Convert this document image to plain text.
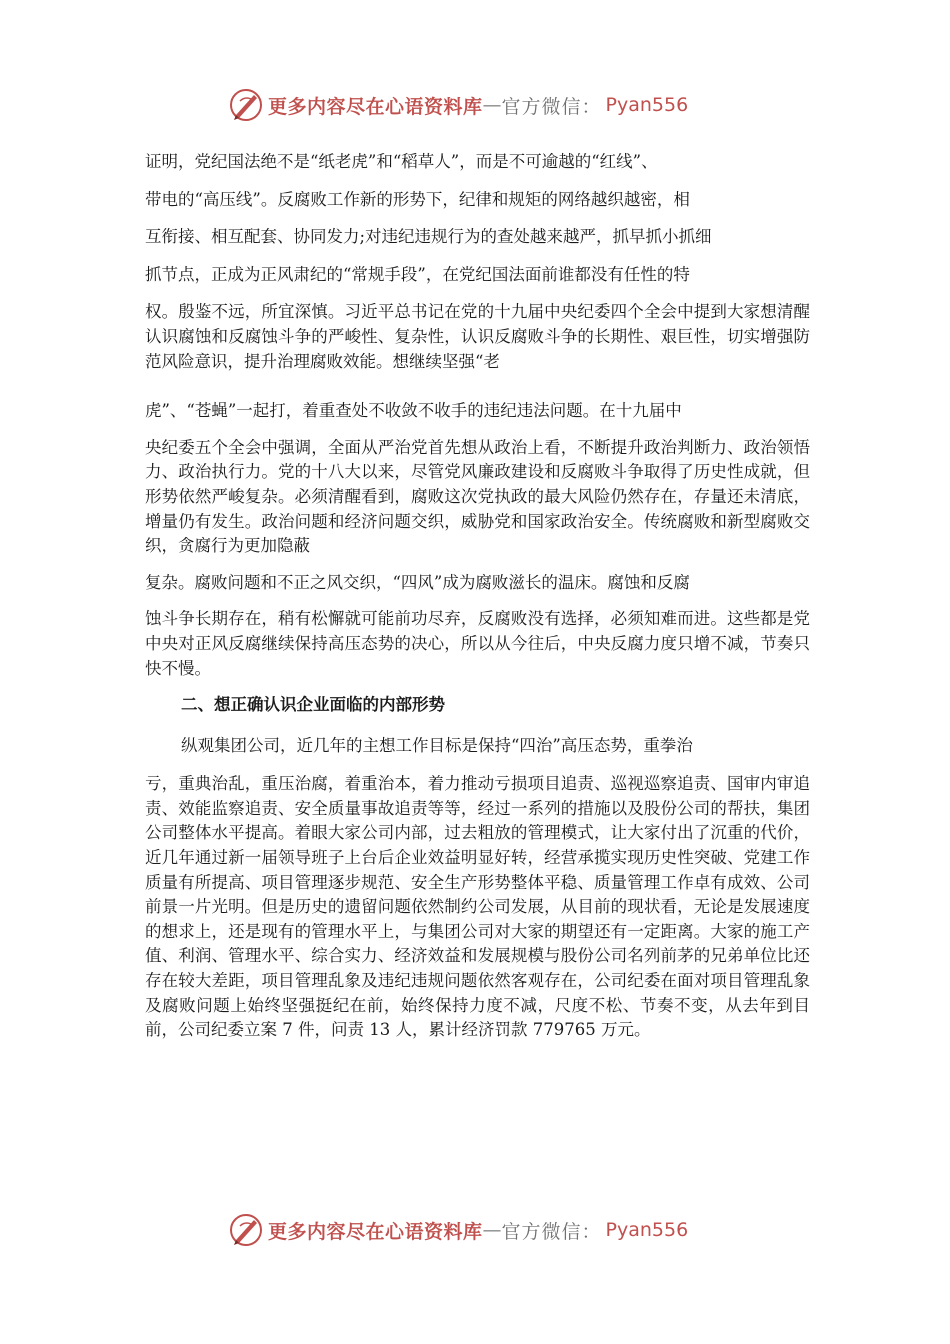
更多内容尽在心语资料库 — 官方微信： Pyan556

证明，党纪国法绝不是“纸老虎”和“稻草人”，而是不可逾越的“红线”、

带电的“高压线”。反腐败工作新的形势下，纪律和规矩的网络越织越密，相

互衔接、相互配套、协同发力;对违纪违规行为的查处越来越严，抓早抓小抓细

抓节点，正成为正风肃纪的“常规手段”，在党纪国法面前谁都没有任性的特

权。殷鉴不远，所宜深慎。习近平总书记在党的十九届中央纪委四个全会中提到大家想清醒认识腐蚀和反腐蚀斗争的严峻性、复杂性，认识反腐败斗争的长期性、艰巨性，切实增强防范风险意识，提升治理腐败效能。想继续坚强“老

虎”、“苍蝇”一起打，着重查处不收敛不收手的违纪违法问题。在十九届中

央纪委五个全会中强调，全面从严治党首先想从政治上看，不断提升政治判断力、政治领悟力、政治执行力。党的十八大以来，尽管党风廉政建设和反腐败斗争取得了历史性成就，但形势依然严峻复杂。必须清醒看到，腐败这次党执政的最大风险仍然存在，存量还未清底，增量仍有发生。政治问题和经济问题交织，威胁党和国家政治安全。传统腐败和新型腐败交织，贪腐行为更加隐蔽

复杂。腐败问题和不正之风交织，“四风”成为腐败滋长的温床。腐蚀和反腐

蚀斗争长期存在，稍有松懈就可能前功尽弃，反腐败没有选择，必须知难而进。这些都是党中央对正风反腐继续保持高压态势的决心，所以从今往后，中央反腐力度只增不减，节奏只快不慢。

二、想正确认识企业面临的内部形势

纵观集团公司，近几年的主想工作目标是保持“四治”高压态势，重拳治

亏，重典治乱，重压治腐，着重治本，着力推动亏损项目追责、巡视巡察追责、国审内审追责、效能监察追责、安全质量事故追责等等，经过一系列的措施以及股份公司的帮扶，集团公司整体水平提高。着眼大家公司内部，过去粗放的管理模式，让大家付出了沉重的代价，近几年通过新一届领导班子上台后企业效益明显好转，经营承揽实现历史性突破、党建工作质量有所提高、项目管理逐步规范、安全生产形势整体平稳、质量管理工作卓有成效、公司前景一片光明。但是历史的遗留问题依然制约公司发展，从目前的现状看，无论是发展速度的想求上，还是现有的管理水平上，与集团公司对大家的期望还有一定距离。大家的施工产值、利润、管理水平、综合实力、经济效益和发展规模与股份公司名列前茅的兄弟单位比还存在较大差距，项目管理乱象及违纪违规问题依然客观存在，公司纪委在面对项目管理乱象及腐败问题上始终坚强挺纪在前，始终保持力度不减，尺度不松、节奏不变，从去年到目前，公司纪委立案 7 件，问责 13 人，累计经济罚款 779765 万元。

更多内容尽在心语资料库 — 官方微信： Pyan556
